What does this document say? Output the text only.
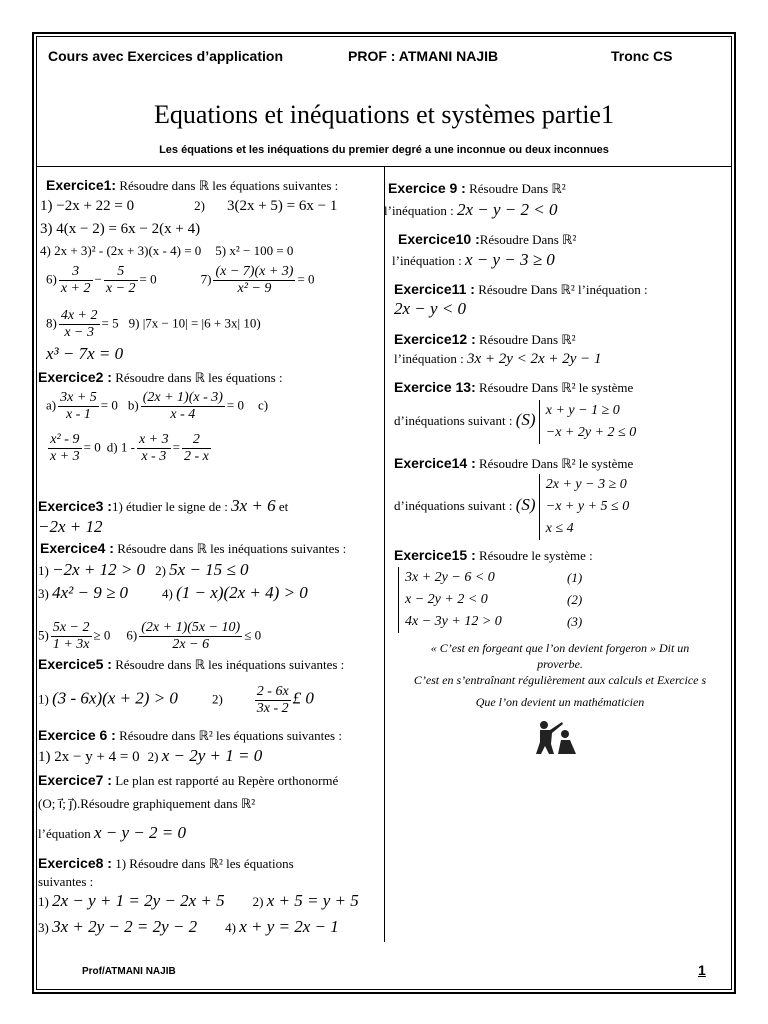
Cours avec Exercices d’application	PROF : ATMANI NAJIB	Tronc CS
Equations et inéquations et systèmes partie1
Les équations et les inéquations du premier degré a une inconnue ou deux inconnues
Exercice1: Résoudre dans ℝ les équations suivantes :
1) −2x + 22 = 0	2) 3(2x + 5) = 6x − 1
3) 4(x − 2) = 6x − 2(x + 4)
4) 2x + 3)² - (2x + 3)(x - 4) = 0 5) x² − 100 = 0
$6) \frac{3}{x + 2} - \frac{5}{x - 2} = 0$	$7) \frac{(x - 7)(x + 3)}{\text{x² − 9}} = 0$
$8) \frac{4x + 2}{x - 3} = 5$ 9) |7x − 10| = |6 + 3x| 10)
x³ − 7x = 0
Exercice2 : Résoudre dans ℝ les équations :
$a) \frac{3x + 5}{x - 1} = 0$ $b) \frac{(2x + 1)(x - 3)}{x - 4} = 0$ c)
$\frac{\text{x² - 9}}{x + 3} = 0$ d) $1 - \frac{x + 3}{x - 3} = \frac{2}{2 - x}$
Exercice3 :1) étudier le signe de : 3x + 6 et
−2x + 12
Exercice4 : Résoudre dans ℝ les inéquations suivantes :
1) −2x + 12 > 0 2) 5x − 15 ≤ 0
3) 4x² − 9 ≥ 0	4) (1 − x)(2x + 4) > 0
$5) \frac{5x - 2}{1 + 3x} \ge 0$ $6) \frac{(2x + 1)(5x - 10)}{2x - 6} \le 0$
Exercice5 : Résoudre dans ℝ les inéquations suivantes :
1) (3 - 6x)(x + 2) > 0	$2) \frac{2 - 6x}{3x - 2}$ £ 0
Exercice 6 : Résoudre dans ℝ² les équations suivantes :
1) 2x − y + 4 = 0 2) x − 2y + 1 = 0
Exercice7 : Le plan est rapporté au Repère orthonormé
(O; i⃗; j⃗).Résoudre graphiquement dans ℝ²
l’équation x − y − 2 = 0
Exercice8 : 1) Résoudre dans ℝ² les équations
suivantes :
1) 2x − y + 1 = 2y − 2x + 5 2) x + 5 = y + 5
3) 3x + 2y − 2 = 2y − 2 4) x + y = 2x − 1
Exercice 9 : Résoudre Dans ℝ²
l’inéquation : 2x − y − 2 < 0
Exercice10 :Résoudre Dans ℝ²
l’inéquation : x − y − 3 ≥ 0
Exercice11 : Résoudre Dans ℝ² l’inéquation :
2x − y < 0
Exercice12 : Résoudre Dans ℝ²
l’inéquation : 3x + 2y < 2x + 2y − 1
Exercice 13: Résoudre Dans ℝ² le système
d’inéquations suivant : (S) x + y − 1 ≥ 0
−x + 2y + 2 ≤ 0
Exercice14 : Résoudre Dans ℝ² le système
d’inéquations suivant : (S)
2x + y − 3 ≥ 0
−x + y + 5 ≤ 0
x ≤ 4
Exercice15 : Résoudre le système :
3x + 2y − 6 < 0
x − 2y + 2 < 0
4x − 3y + 12 > 0
(1)
(2)
(3)
« C’est en forgeant que l’on devient forgeron » Dit un
proverbe.
C’est en s’entraînant régulièrement aux calculs et Exercice s
Que l’on devient un mathématicien
Prof/ATMANI NAJIB	1
